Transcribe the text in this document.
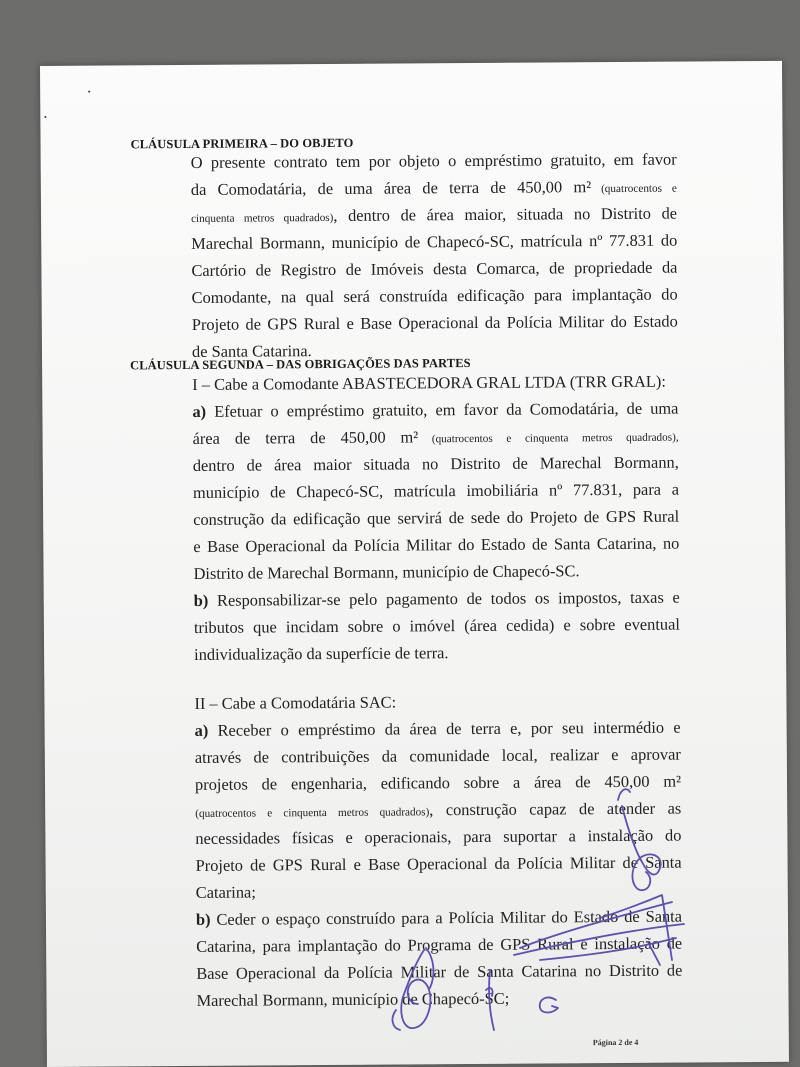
CLÁUSULA PRIMEIRA – DO OBJETO
O presente contrato tem por objeto o empréstimo gratuito, em favor
da Comodatária, de uma área de terra de 450,00 m² (quatrocentos e
cinquenta metros quadrados), dentro de área maior, situada no Distrito de
Marechal Bormann, município de Chapecó-SC, matrícula nº 77.831 do
Cartório de Registro de Imóveis desta Comarca, de propriedade da
Comodante, na qual será construída edificação para implantação do
Projeto de GPS Rural e Base Operacional da Polícia Militar do Estado
de Santa Catarina.
CLÁUSULA SEGUNDA – DAS OBRIGAÇÕES DAS PARTES
I – Cabe a Comodante ABASTECEDORA GRAL LTDA (TRR GRAL):
a) Efetuar o empréstimo gratuito, em favor da Comodatária, de uma
área de terra de 450,00 m² (quatrocentos e cinquenta metros quadrados),
dentro de área maior situada no Distrito de Marechal Bormann,
município de Chapecó-SC, matrícula imobiliária nº 77.831, para a
construção da edificação que servirá de sede do Projeto de GPS Rural
e Base Operacional da Polícia Militar do Estado de Santa Catarina, no
Distrito de Marechal Bormann, município de Chapecó-SC.
b) Responsabilizar-se pelo pagamento de todos os impostos, taxas e
tributos que incidam sobre o imóvel (área cedida) e sobre eventual
individualização da superfície de terra.
II – Cabe a Comodatária SAC:
a) Receber o empréstimo da área de terra e, por seu intermédio e
através de contribuições da comunidade local, realizar e aprovar
projetos de engenharia, edificando sobre a área de 450,00 m²
(quatrocentos e cinquenta metros quadrados), construção capaz de atender as
necessidades físicas e operacionais, para suportar a instalação do
Projeto de GPS Rural e Base Operacional da Polícia Militar de Santa
Catarina;
b) Ceder o espaço construído para a Polícia Militar do Estado de Santa
Catarina, para implantação do Programa de GPS Rural e instalação de
Base Operacional da Polícia Militar de Santa Catarina no Distrito de
Marechal Bormann, município de Chapecó-SC;
Página 2 de 4
